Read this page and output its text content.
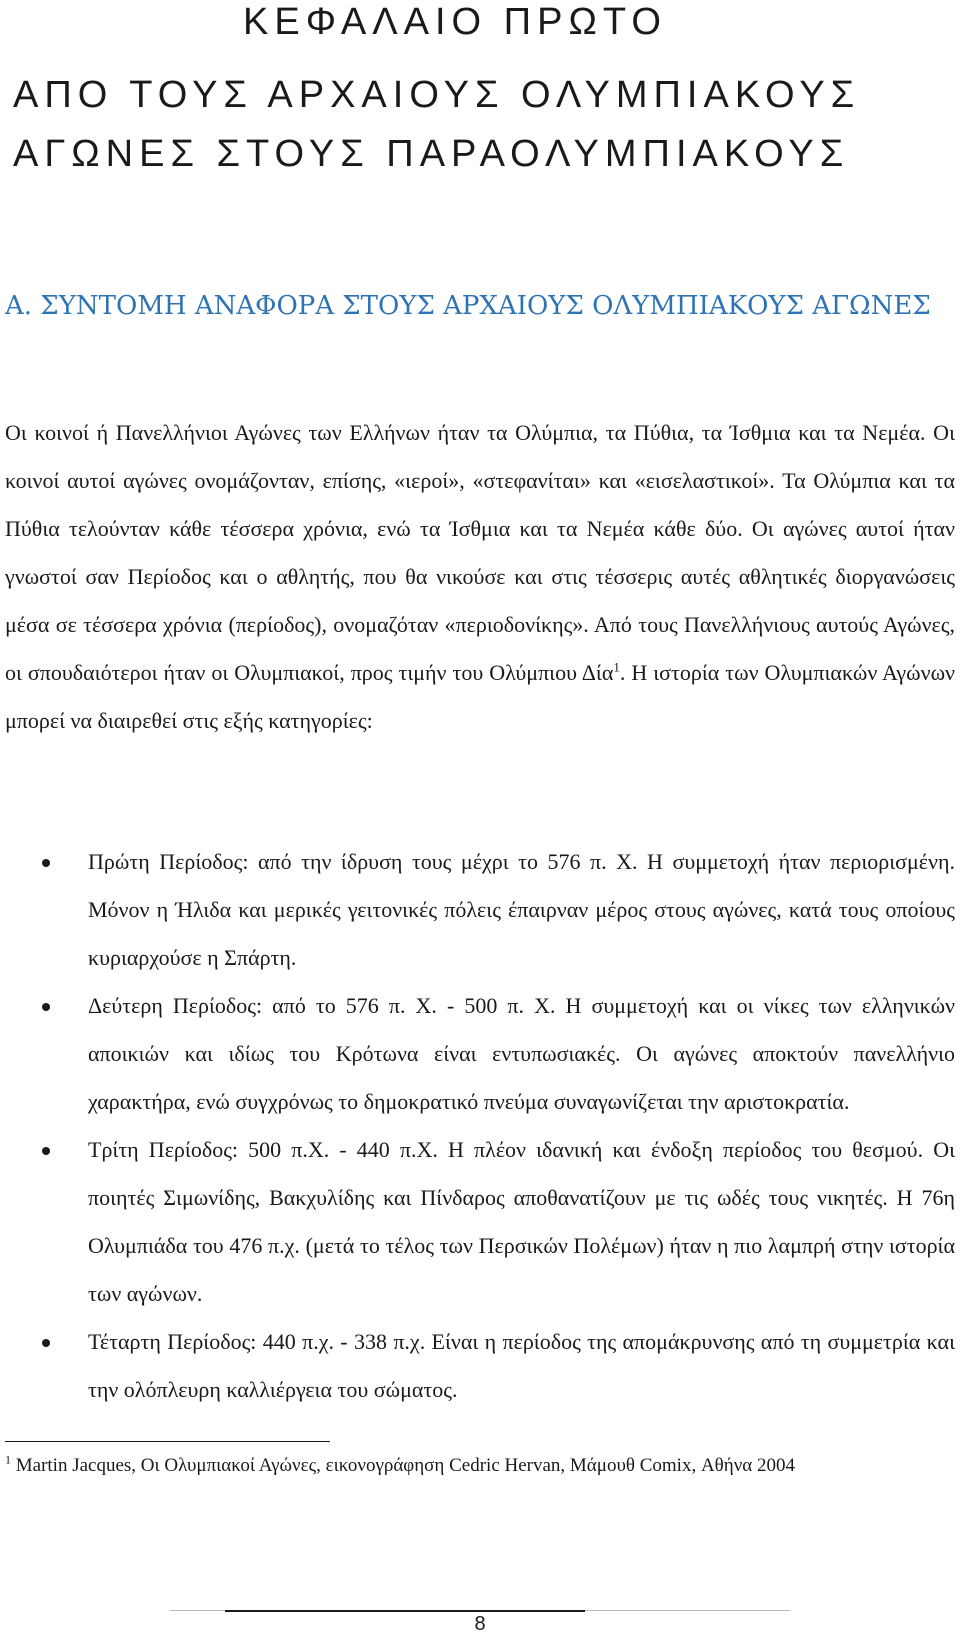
ΚΕΦΑΛΑΙΟ ΠΡΩΤΟ
ΑΠΟ ΤΟΥΣ ΑΡΧΑΙΟΥΣ ΟΛΥΜΠΙΑΚΟΥΣ
ΑΓΩΝΕΣ ΣΤΟΥΣ ΠΑΡΑΟΛΥΜΠΙΑΚΟΥΣ
Α. ΣΥΝΤΟΜΗ ΑΝΑΦΟΡΑ ΣΤΟΥΣ ΑΡΧΑΙΟΥΣ ΟΛΥΜΠΙΑΚΟΥΣ ΑΓΩΝΕΣ

Οι κοινοί ή Πανελλήνιοι Αγώνες των Ελλήνων ήταν τα Ολύμπια, τα Πύθια, τα Ίσθμια και τα Νεμέα. Οι κοινοί αυτοί αγώνες ονομάζονταν, επίσης, «ιεροί», «στεφανίται» και «εισελαστικοί». Τα Ολύμπια και τα Πύθια τελούνταν κάθε τέσσερα χρόνια, ενώ τα Ίσθμια και τα Νεμέα κάθε δύο. Οι αγώνες αυτοί ήταν γνωστοί σαν Περίοδος και ο αθλητής, που θα νικούσε και στις τέσσερις αυτές αθλητικές διοργανώσεις μέσα σε τέσσερα χρόνια (περίοδος), ονομαζόταν «περιοδονίκης». Από τους Πανελλήνιους αυτούς Αγώνες, οι σπουδαιότεροι ήταν οι Ολυμπιακοί, προς τιμήν του Ολύμπιου Δία$^1$. Η ιστορία των Ολυμπιακών Αγώνων μπορεί να διαιρεθεί στις εξής κατηγορίες:

Πρώτη Περίοδος: από την ίδρυση τους μέχρι το 576 π. Χ. Η συμμετοχή ήταν περιορισμένη. Μόνον η Ήλιδα και μερικές γειτονικές πόλεις έπαιρναν μέρος στους αγώνες, κατά τους οποίους κυριαρχούσε η Σπάρτη.
Δεύτερη Περίοδος: από το 576 π. Χ. - 500 π. Χ. Η συμμετοχή και οι νίκες των ελληνικών αποικιών και ιδίως του Κρότωνα είναι εντυπωσιακές. Οι αγώνες αποκτούν πανελλήνιο χαρακτήρα, ενώ συγχρόνως το δημοκρατικό πνεύμα συναγωνίζεται την αριστοκρατία.
Τρίτη Περίοδος: 500 π.Χ. - 440 π.Χ. Η πλέον ιδανική και ένδοξη περίοδος του θεσμού. Οι ποιητές Σιμωνίδης, Βακχυλίδης και Πίνδαρος αποθανατίζουν με τις ωδές τους νικητές. Η 76η Ολυμπιάδα του 476 π.χ. (μετά το τέλος των Περσικών Πολέμων) ήταν η πιο λαμπρή στην ιστορία των αγώνων.
Τέταρτη Περίοδος: 440 π.χ. - 338 π.χ. Είναι η περίοδος της απομάκρυνσης από τη συμμετρία και την ολόπλευρη καλλιέργεια του σώματος.
$^1$ Martin Jacques, Οι Ολυμπιακοί Αγώνες, εικονογράφηση Cedric Hervan, Μάμουθ Comix, Αθήνα 2004
8
